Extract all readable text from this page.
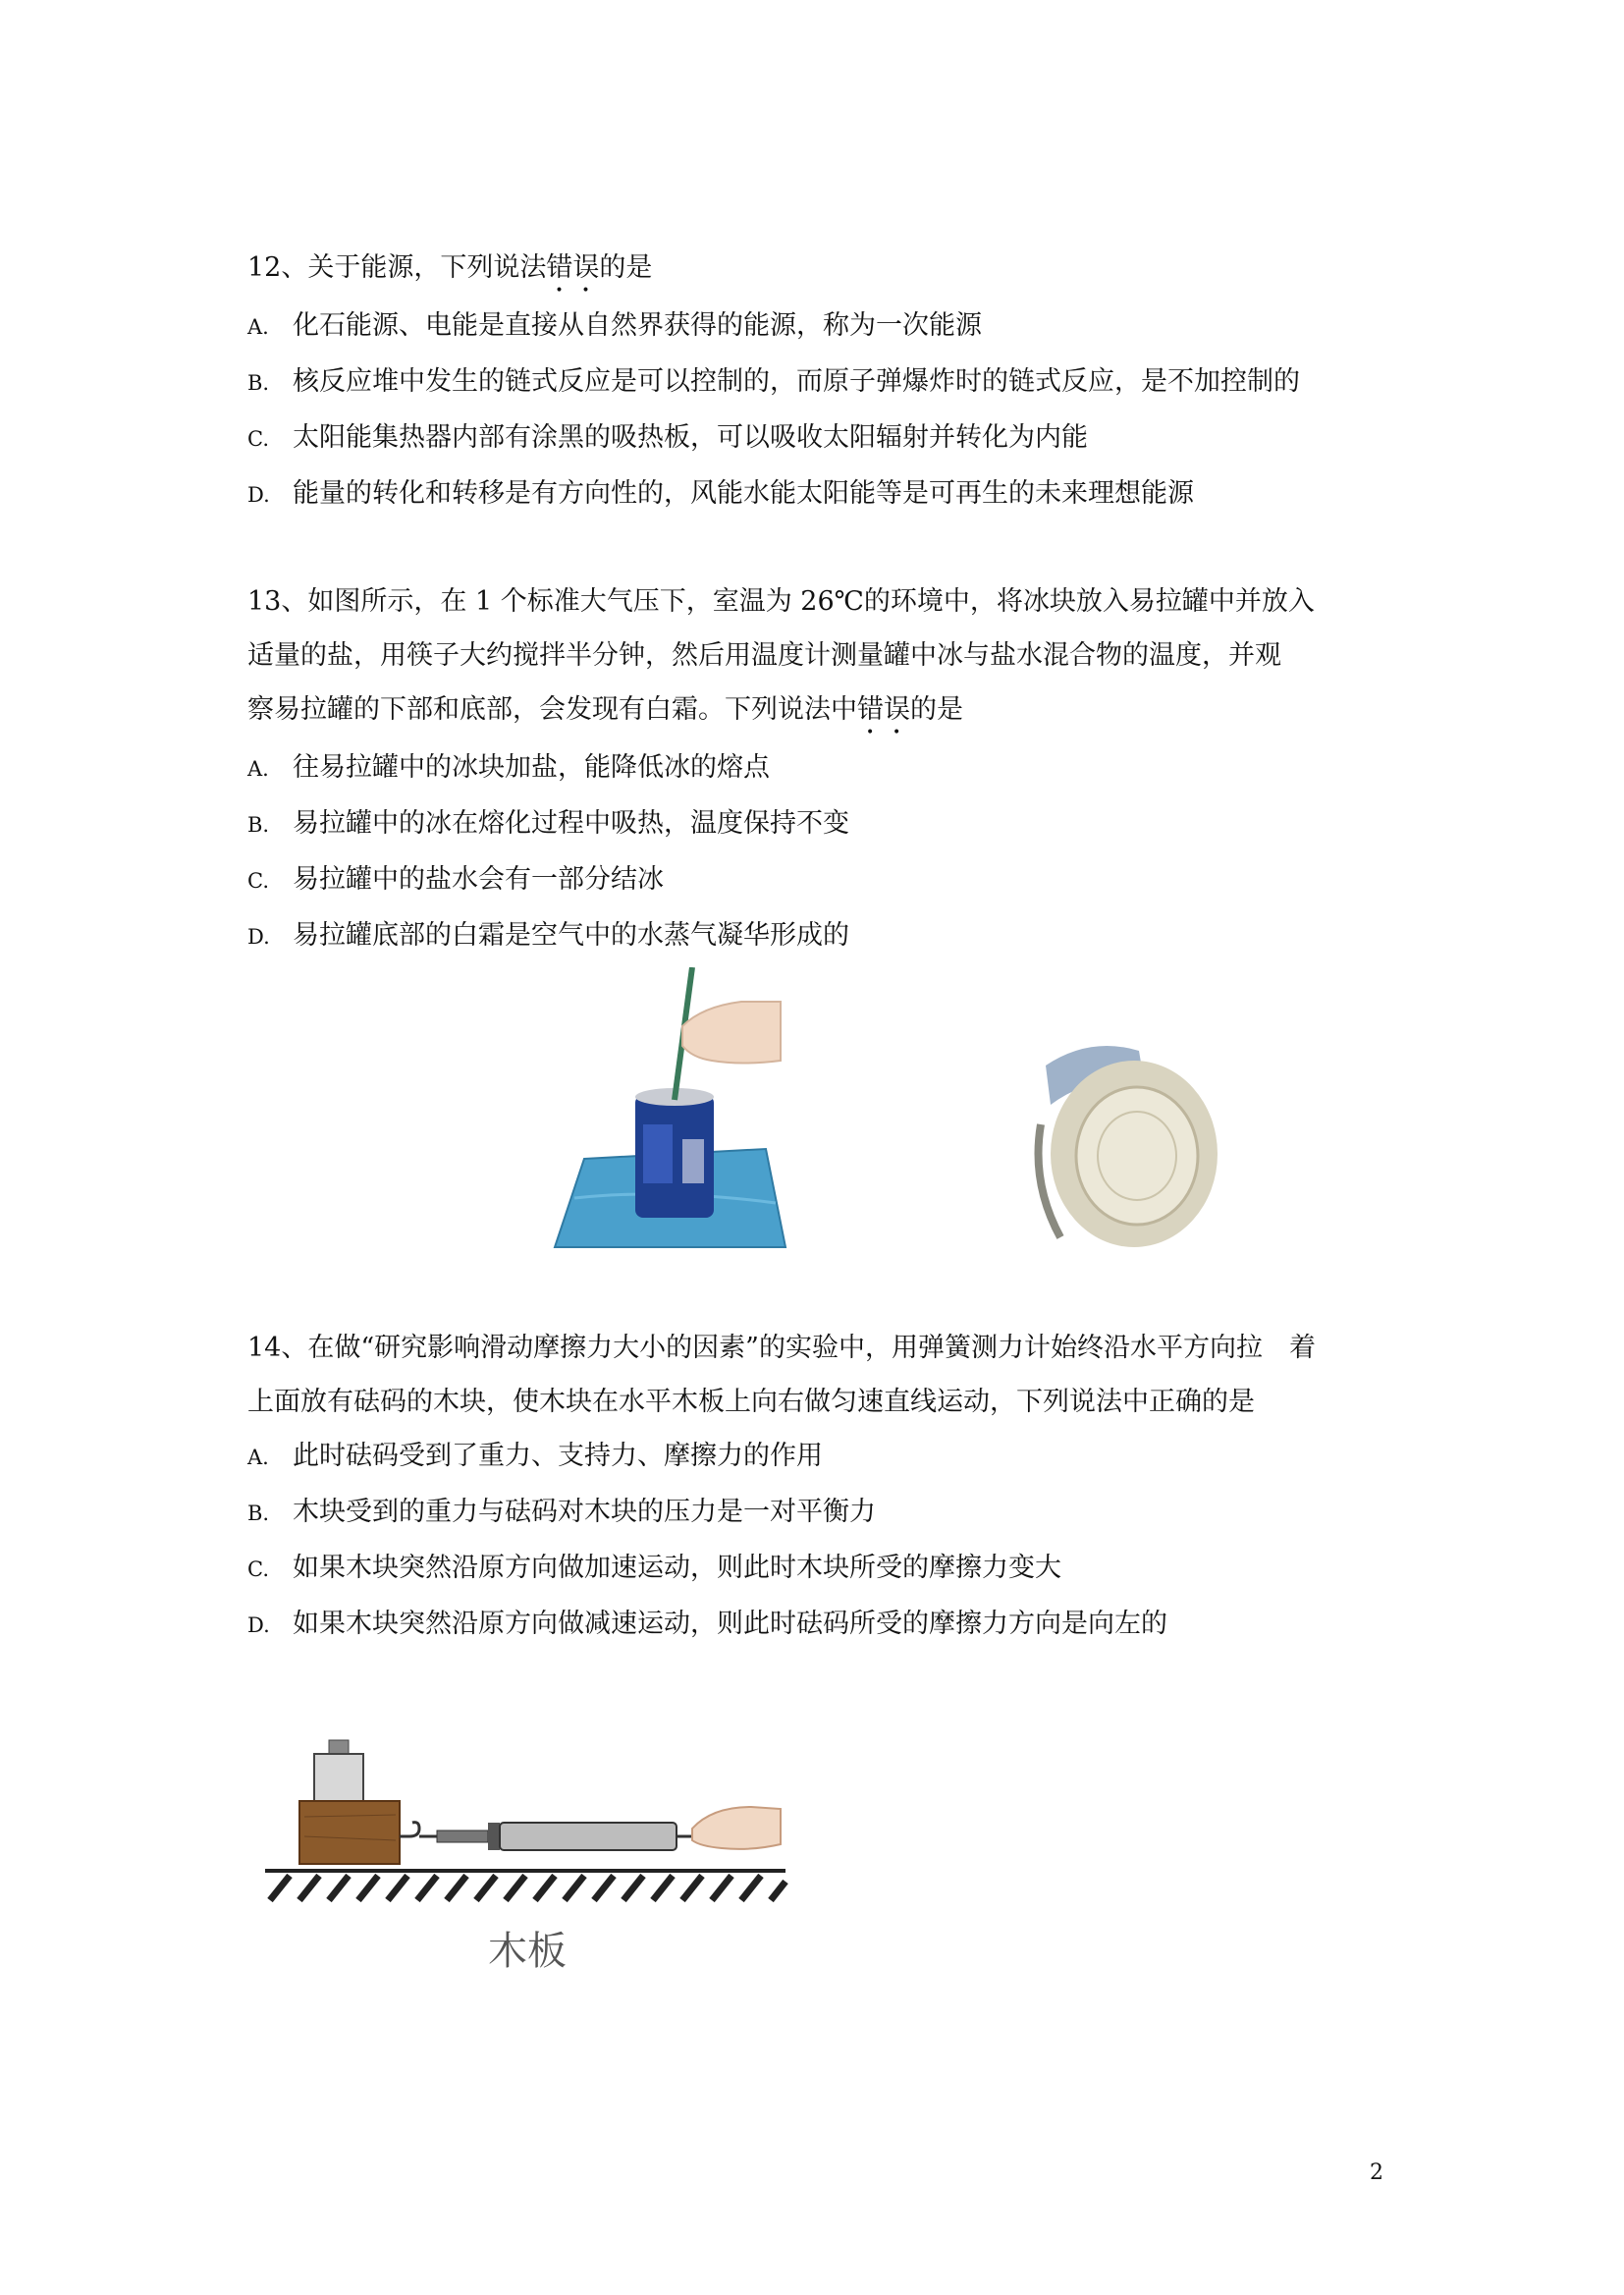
12、关于能源，下列说法错误的是

A. 化石能源、电能是直接从自然界获得的能源，称为一次能源

B. 核反应堆中发生的链式反应是可以控制的，而原子弹爆炸时的链式反应，是不加控制的

C. 太阳能集热器内部有涂黑的吸热板，可以吸收太阳辐射并转化为内能

D. 能量的转化和转移是有方向性的，风能水能太阳能等是可再生的未来理想能源

13、如图所示，在 1 个标准大气压下，室温为 26℃的环境中，将冰块放入易拉罐中并放入

适量的盐，用筷子大约搅拌半分钟，然后用温度计测量罐中冰与盐水混合物的温度，并观

察易拉罐的下部和底部，会发现有白霜。下列说法中错误的是

A. 往易拉罐中的冰块加盐，能降低冰的熔点

B. 易拉罐中的冰在熔化过程中吸热，温度保持不变

C. 易拉罐中的盐水会有一部分结冰

D. 易拉罐底部的白霜是空气中的水蒸气凝华形成的

14、在做“研究影响滑动摩擦力大小的因素”的实验中，用弹簧测力计始终沿水平方向拉　着

上面放有砝码的木块，使木块在水平木板上向右做匀速直线运动，下列说法中正确的是

A. 此时砝码受到了重力、支持力、摩擦力的作用

B. 木块受到的重力与砝码对木块的压力是一对平衡力

C. 如果木块突然沿原方向做加速运动，则此时木块所受的摩擦力变大

D. 如果木块突然沿原方向做减速运动，则此时砝码所受的摩擦力方向是向左的

木板
2
